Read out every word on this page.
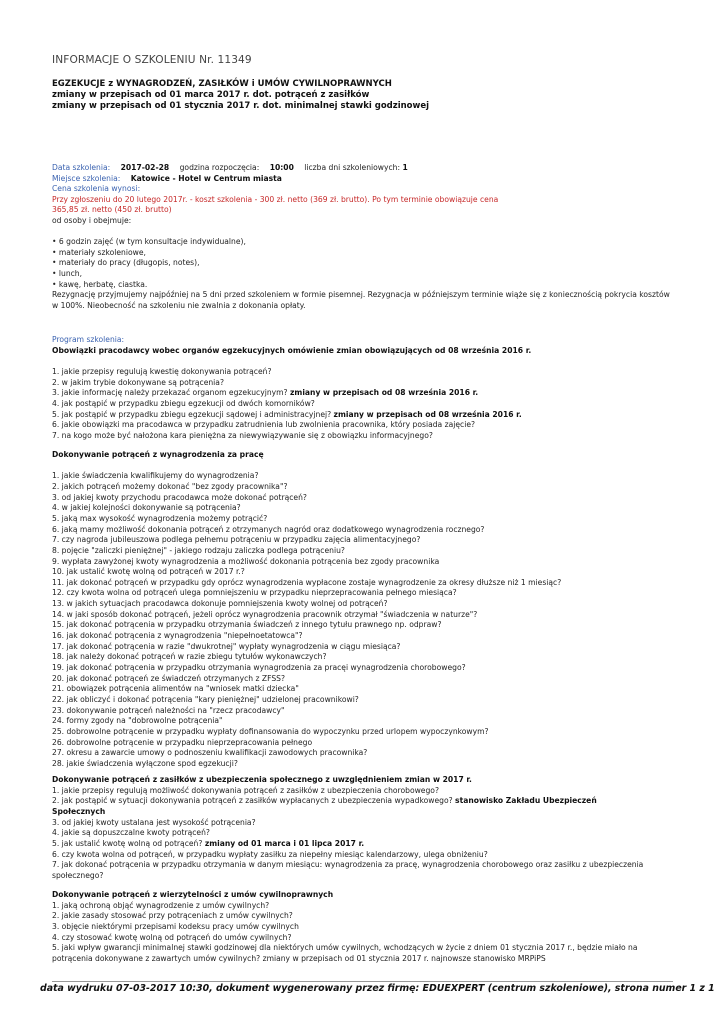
INFORMACJE O SZKOLENIU Nr. 11349
EGZEKUCJE z WYNAGRODZEŃ, ZASIŁKÓW i UMÓW CYWILNOPRAWNYCH
zmiany w przepisach od 01 marca 2017 r. dot. potrąceń z zasiłków
zmiany w przepisach od 01 stycznia 2017 r. dot. minimalnej stawki godzinowej
Data szkolenia: 2017-02-28 godzina rozpoczęcia: 10:00 liczba dni szkoleniowych: 1
Miejsce szkolenia: Katowice - Hotel w Centrum miasta
Cena szkolenia wynosi:
Przy zgłoszeniu do 20 lutego 2017r. - koszt szkolenia - 300 zł. netto (369 zł. brutto). Po tym terminie obowiązuje cena
365,85 zł. netto (450 zł. brutto)
od osoby i obejmuje:
• 6 godzin zajęć (w tym konsultacje indywidualne),
• materiały szkoleniowe,
• materiały do pracy (długopis, notes),
• lunch,
• kawę, herbatę, ciastka.
Rezygnację przyjmujemy najpóźniej na 5 dni przed szkoleniem w formie pisemnej. Rezygnacja w późniejszym terminie wiąże się z koniecznością pokrycia kosztów w 100%. Nieobecność na szkoleniu nie zwalnia z dokonania opłaty.
Program szkolenia:
Obowiązki pracodawcy wobec organów egzekucyjnych omówienie zmian obowiązujących od 08 września 2016 r.
1. jakie przepisy regulują kwestię dokonywania potrąceń?
2. w jakim trybie dokonywane są potrącenia?
3. jakie informację należy przekazać organom egzekucyjnym? zmiany w przepisach od 08 września 2016 r.
4. jak postąpić w przypadku zbiegu egzekucji od dwóch komorników?
5. jak postąpić w przypadku zbiegu egzekucji sądowej i administracyjnej? zmiany w przepisach od 08 września 2016 r.
6. jakie obowiązki ma pracodawca w przypadku zatrudnienia lub zwolnienia pracownika, który posiada zajęcie?
7. na kogo może być nałożona kara pieniężna za niewywiązywanie się z obowiązku informacyjnego?
Dokonywanie potrąceń z wynagrodzenia za pracę
1. jakie świadczenia kwalifikujemy do wynagrodzenia?
2. jakich potrąceń możemy dokonać "bez zgody pracownika"?
3. od jakiej kwoty przychodu pracodawca może dokonać potrąceń?
4. w jakiej kolejności dokonywanie są potrącenia?
5. jaką max wysokość wynagrodzenia możemy potrącić?
6. jaką mamy możliwość dokonania potrąceń z otrzymanych nagród oraz dodatkowego wynagrodzenia rocznego?
7. czy nagroda jubileuszowa podlega pełnemu potrąceniu w przypadku zajęcia alimentacyjnego?
8. pojęcie "zaliczki pieniężnej" - jakiego rodzaju zaliczka podlega potrąceniu?
9. wypłata zawyżonej kwoty wynagrodzenia a możliwość dokonania potrącenia bez zgody pracownika
10. jak ustalić kwotę wolną od potrąceń w 2017 r.?
11. jak dokonać potrąceń w przypadku gdy oprócz wynagrodzenia wypłacone zostaje wynagrodzenie za okresy dłuższe niż 1 miesiąc?
12. czy kwota wolna od potrąceń ulega pomniejszeniu w przypadku nieprzepracowania pełnego miesiąca?
13. w jakich sytuacjach pracodawca dokonuje pomniejszenia kwoty wolnej od potrąceń?
14. w jaki sposób dokonać potrąceń, jeżeli oprócz wynagrodzenia pracownik otrzymał "świadczenia w naturze"?
15. jak dokonać potrącenia w przypadku otrzymania świadczeń z innego tytułu prawnego np. odpraw?
16. jak dokonać potrącenia z wynagrodzenia "niepełnoetatowca"?
17. jak dokonać potrącenia w razie "dwukrotnej" wypłaty wynagrodzenia w ciągu miesiąca?
18. jak należy dokonać potrąceń w razie zbiegu tytułów wykonawczych?
19. jak dokonać potrącenia w przypadku otrzymania wynagrodzenia za pracęi wynagrodzenia chorobowego?
20. jak dokonać potrąceń ze świadczeń otrzymanych z ZFSS?
21. obowiązek potrącenia alimentów na "wniosek matki dziecka"
22. jak obliczyć i dokonać potrącenia "kary pieniężnej" udzielonej pracownikowi?
23. dokonywanie potrąceń należności na "rzecz pracodawcy"
24. formy zgody na "dobrowolne potrącenia"
25. dobrowolne potrącenie w przypadku wypłaty dofinansowania do wypoczynku przed urlopem wypoczynkowym?
26. dobrowolne potrącenie w przypadku nieprzepracowania pełnego
27. okresu a zawarcie umowy o podnoszeniu kwalifikacji zawodowych pracownika?
28. jakie świadczenia wyłączone spod egzekucji?
Dokonywanie potrąceń z zasiłków z ubezpieczenia społecznego z uwzględnieniem zmian w 2017 r.
1. jakie przepisy regulują możliwość dokonywania potrąceń z zasiłków z ubezpieczenia chorobowego?
2. jak postąpić w sytuacji dokonywania potrąceń z zasiłków wypłacanych z ubezpieczenia wypadkowego? stanowisko Zakładu Ubezpieczeń
Społecznych
3. od jakiej kwoty ustalana jest wysokość potrącenia?
4. jakie są dopuszczalne kwoty potrąceń?
5. jak ustalić kwotę wolną od potrąceń? zmiany od 01 marca i 01 lipca 2017 r.
6. czy kwota wolna od potrąceń, w przypadku wypłaty zasiłku za niepełny miesiąc kalendarzowy, ulega obniżeniu?
7. jak dokonać potrącenia w przypadku otrzymania w danym miesiącu: wynagrodzenia za pracę, wynagrodzenia chorobowego oraz zasiłku z ubezpieczenia
społecznego?
Dokonywanie potrąceń z wierzytelności z umów cywilnoprawnych
1. jaką ochroną objąć wynagrodzenie z umów cywilnych?
2. jakie zasady stosować przy potrąceniach z umów cywilnych?
3. objęcie niektórymi przepisami kodeksu pracy umów cywilnych
4. czy stosować kwotę wolną od potrąceń do umów cywilnych?
5. jaki wpływ gwarancji minimalnej stawki godzinowej dla niektórych umów cywilnych, wchodzących w życie z dniem 01 stycznia 2017 r., będzie miało na
potrącenia dokonywane z zawartych umów cywilnych? zmiany w przepisach od 01 stycznia 2017 r. najnowsze stanowisko MRPiPS
data wydruku 07-03-2017 10:30, dokument wygenerowany przez firmę: EDUEXPERT (centrum szkoleniowe), strona numer 1 z 1
